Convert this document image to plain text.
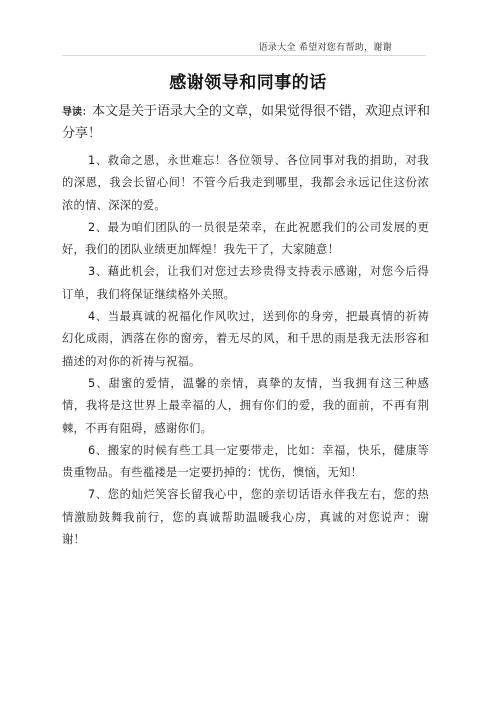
语录大全 希望对您有帮助，谢谢
感谢领导和同事的话
导读：本文是关于语录大全的文章，如果觉得很不错，欢迎点评和分享！

1、救命之恩，永世难忘！各位领导、各位同事对我的捐助，对我的深恩，我会长留心间！不管今后我走到哪里，我都会永远记住这份浓浓的情、深深的爱。

2、最为咱们团队的一员很是荣幸，在此祝愿我们的公司发展的更好，我们的团队业绩更加辉煌！我先干了，大家随意！

3、藉此机会，让我们对您过去珍贵得支持表示感谢，对您今后得订单，我们将保证继续格外关照。

4、当最真诚的祝福化作风吹过，送到你的身旁，把最真情的祈祷幻化成雨，洒落在你的窗旁，着无尽的风，和千思的雨是我无法形容和描述的对你的祈祷与祝福。

5、甜蜜的爱情，温馨的亲情，真挚的友情，当我拥有这三种感情，我将是这世界上最幸福的人，拥有你们的爱，我的面前，不再有荆棘，不再有阻碍，感谢你们。

6、搬家的时候有些工具一定要带走，比如：幸福，快乐，健康等贵重物品。有些褴褛是一定要扔掉的：忧伤，懊恼，无知！

7、您的灿烂笑容长留我心中，您的亲切话语永伴我左右，您的热情激励鼓舞我前行，您的真诚帮助温暖我心房，真诚的对您说声：谢谢！
